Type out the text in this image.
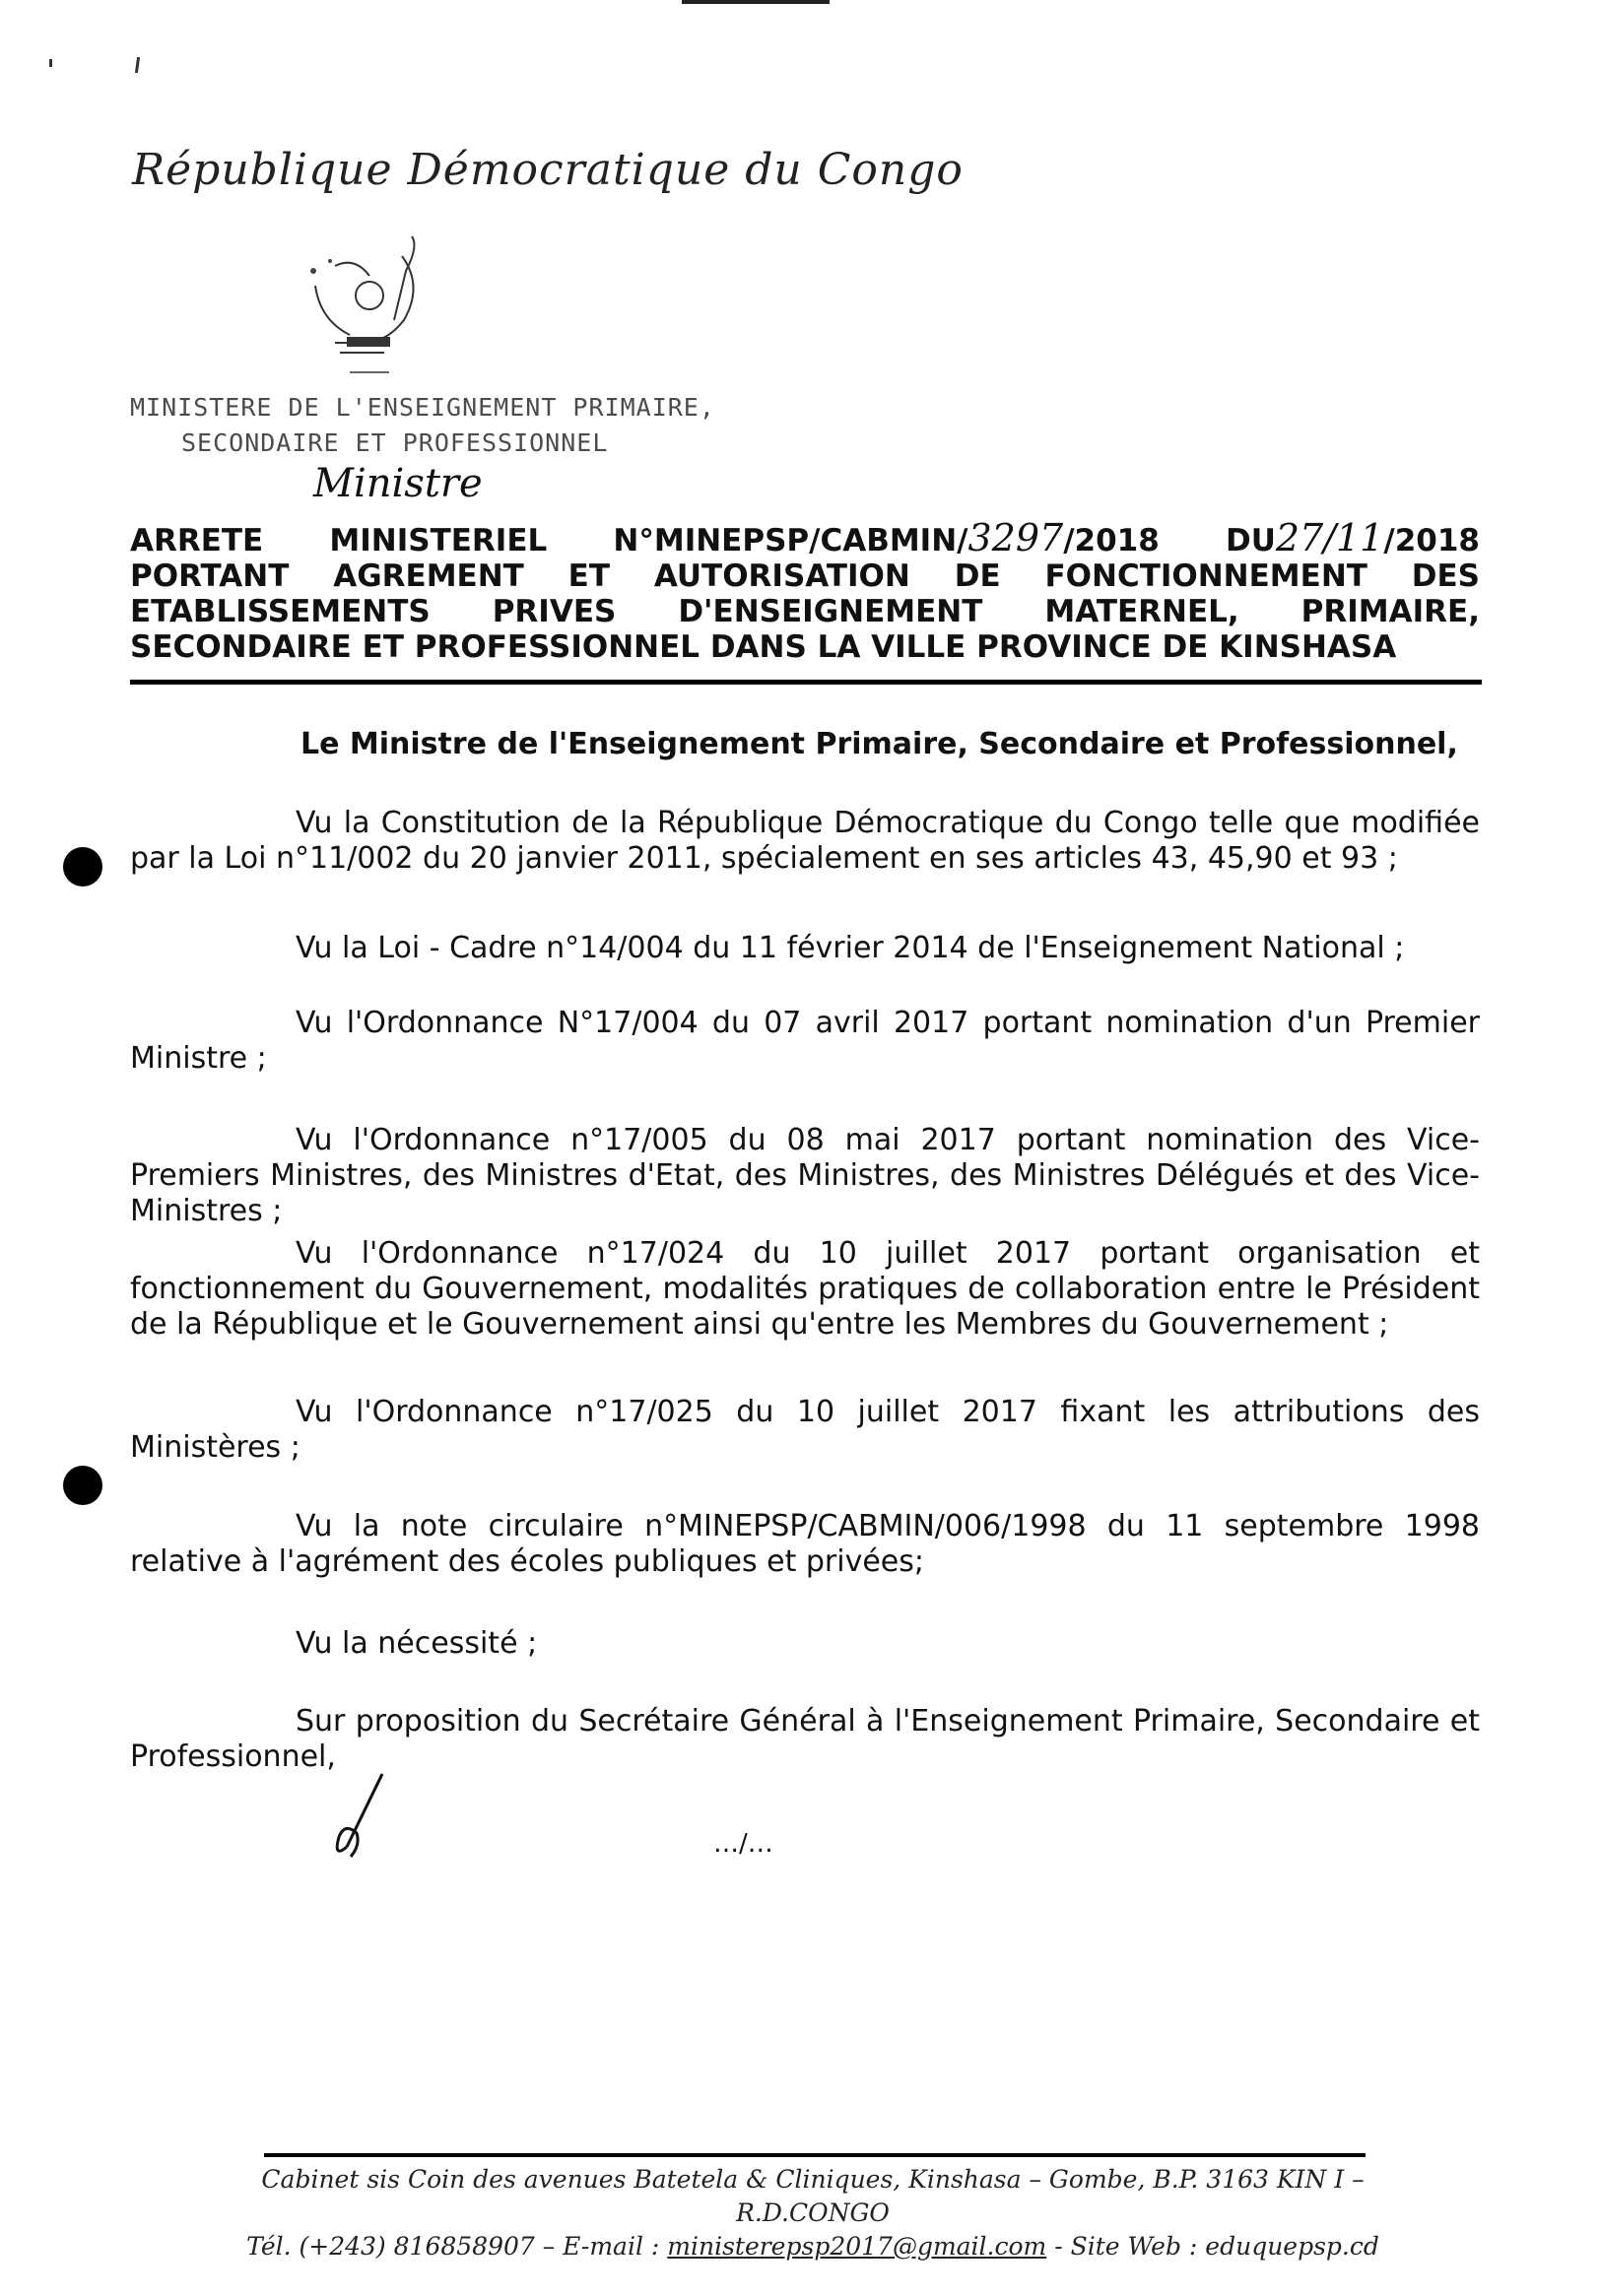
République Démocratique du Congo
MINISTERE DE L'ENSEIGNEMENT PRIMAIRE,
SECONDAIRE ET PROFESSIONNEL
Ministre
ARRETE MINISTERIEL N°MINEPSP/CABMIN/3297/2018 DU27/11/2018 PORTANT AGREMENT ET AUTORISATION DE FONCTIONNEMENT DES ETABLISSEMENTS PRIVES D'ENSEIGNEMENT MATERNEL, PRIMAIRE, SECONDAIRE ET PROFESSIONNEL DANS LA VILLE PROVINCE DE KINSHASA
Le Ministre de l'Enseignement Primaire, Secondaire et Professionnel,
Vu la Constitution de la République Démocratique du Congo telle que modifiée par la Loi n°11/002 du 20 janvier 2011, spécialement en ses articles 43, 45,90 et 93 ;
Vu la Loi - Cadre n°14/004 du 11 février 2014 de l'Enseignement National ;
Vu l'Ordonnance N°17/004 du 07 avril 2017 portant nomination d'un Premier Ministre ;
Vu l'Ordonnance n°17/005 du 08 mai 2017 portant nomination des Vice-Premiers Ministres, des Ministres d'Etat, des Ministres, des Ministres Délégués et des Vice-Ministres ;
Vu l'Ordonnance n°17/024 du 10 juillet 2017 portant organisation et fonctionnement du Gouvernement, modalités pratiques de collaboration entre le Président de la République et le Gouvernement ainsi qu'entre les Membres du Gouvernement ;
Vu l'Ordonnance n°17/025 du 10 juillet 2017 fixant les attributions des Ministères ;
Vu la note circulaire n°MINEPSP/CABMIN/006/1998 du 11 septembre 1998 relative à l'agrément des écoles publiques et privées;
Vu la nécessité ;
Sur proposition du Secrétaire Général à l'Enseignement Primaire, Secondaire et Professionnel,
…/…
Cabinet sis Coin des avenues Batetela & Cliniques, Kinshasa – Gombe, B.P. 3163 KIN I – R.D.CONGO
Tél. (+243) 816858907 – E-mail : ministerepsp2017@gmail.com - Site Web : eduquepsp.cd
